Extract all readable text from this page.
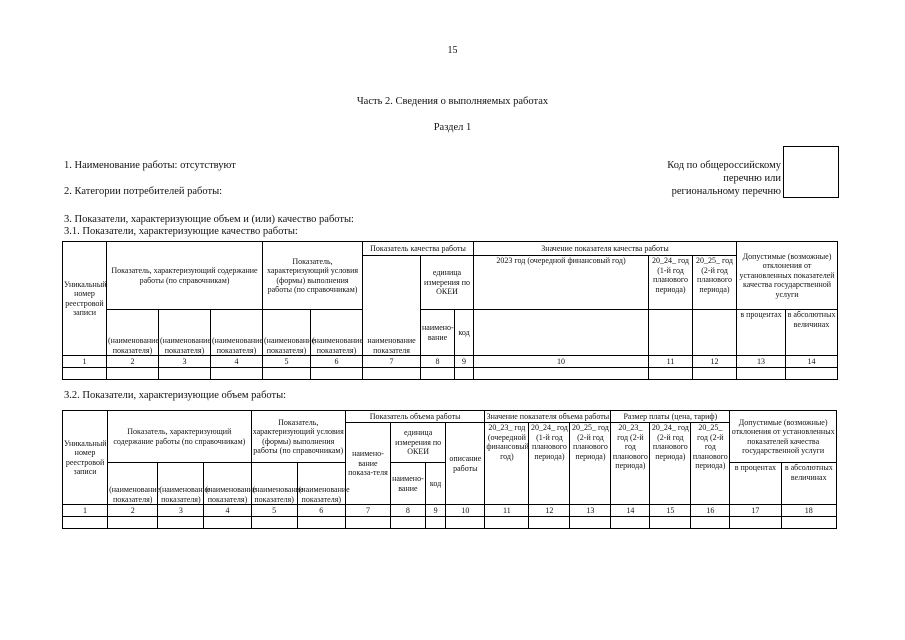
15
Часть 2. Сведения о выполняемых работах
Раздел 1
1. Наименование работы: отсутствуют
2. Категории потребителей работы:
3. Показатели, характеризующие объем и (или) качество работы:
Код по общероссийскому
перечню или
региональному перечню
3.1. Показатели, характеризующие качество работы:
Уникальный номер реестровой записи	Показатель, характеризующий содержание работы (по справочникам)			Показатель, характеризующий условия (формы) выполнения работы (по справочникам)		Показатель качества работы			Значение показателя качества работы			Допустимые (возможные) отклонения от установленных показателей качества государственной услуги	
						наименование показателя	единица измерения по ОКЕИ		2023 год (очередной финансовый год)	20_24_ год (1-й год планового периода)	20_25_ год (2-й год планового периода)		
	(наименование показателя)	(наименование показателя)	(наименование показателя)	(наименование показателя)	(наименование показателя)		наимено-вание	код				в процентах	в абсолютных величинах
1	2	3	4	5	6	7	8	9	10	11	12	13	14

3.2. Показатели, характеризующие объем работы:
Уникальный номер реестровой записи	Показатель, характеризующий содержание работы (по справочникам)			Показатель, характеризующий условия (формы) выполнения работы (по справочникам)		Показатель объема работы				Значение показателя объема работы			Размер платы (цена, тариф)			Допустимые (возможные) отклонения от установленных показателей качества государственной услуги	
						наимено-вание показа-теля	единица измерения по ОКЕИ		описание работы	20_23_ год (очередной финансовый год)	20_24_ год (1-й год планового периода)	20_25_ год (2-й год планового периода)	20_23_ год (2-й год планового периода)	20_24_ год (2-й год планового периода)	20_25_ год (2-й год планового периода)		
	(наименование показателя)	(наименование показателя)	(наименование показателя)	(наименование показателя)	(наименование показателя)		наимено-вание	код								в процентах	в абсолютных величинах
1	2	3	4	5	6	7	8	9	10	11	12	13	14	15	16	17	18
